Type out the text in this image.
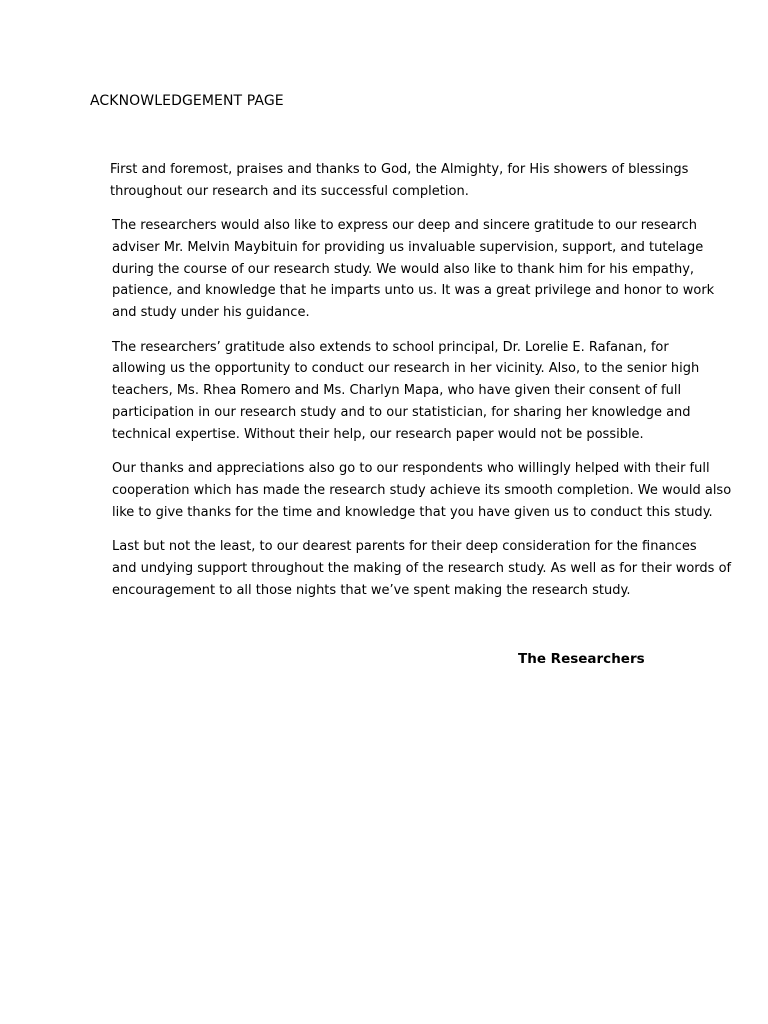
ACKNOWLEDGEMENT PAGE

First and foremost, praises and thanks to God, the Almighty, for His showers of blessings
throughout our research and its successful completion.

The researchers would also like to express our deep and sincere gratitude to our research
adviser Mr. Melvin Maybituin for providing us invaluable supervision, support, and tutelage
during the course of our research study. We would also like to thank him for his empathy,
patience, and knowledge that he imparts unto us. It was a great privilege and honor to work
and study under his guidance.

The researchers’ gratitude also extends to school principal, Dr. Lorelie E. Rafanan, for
allowing us the opportunity to conduct our research in her vicinity. Also, to the senior high
teachers, Ms. Rhea Romero and Ms. Charlyn Mapa, who have given their consent of full
participation in our research study and to our statistician, for sharing her knowledge and
technical expertise. Without their help, our research paper would not be possible.

Our thanks and appreciations also go to our respondents who willingly helped with their full
cooperation which has made the research study achieve its smooth completion. We would also
like to give thanks for the time and knowledge that you have given us to conduct this study.

Last but not the least, to our dearest parents for their deep consideration for the finances
and undying support throughout the making of the research study. As well as for their words of
encouragement to all those nights that we’ve spent making the research study.

The Researchers
